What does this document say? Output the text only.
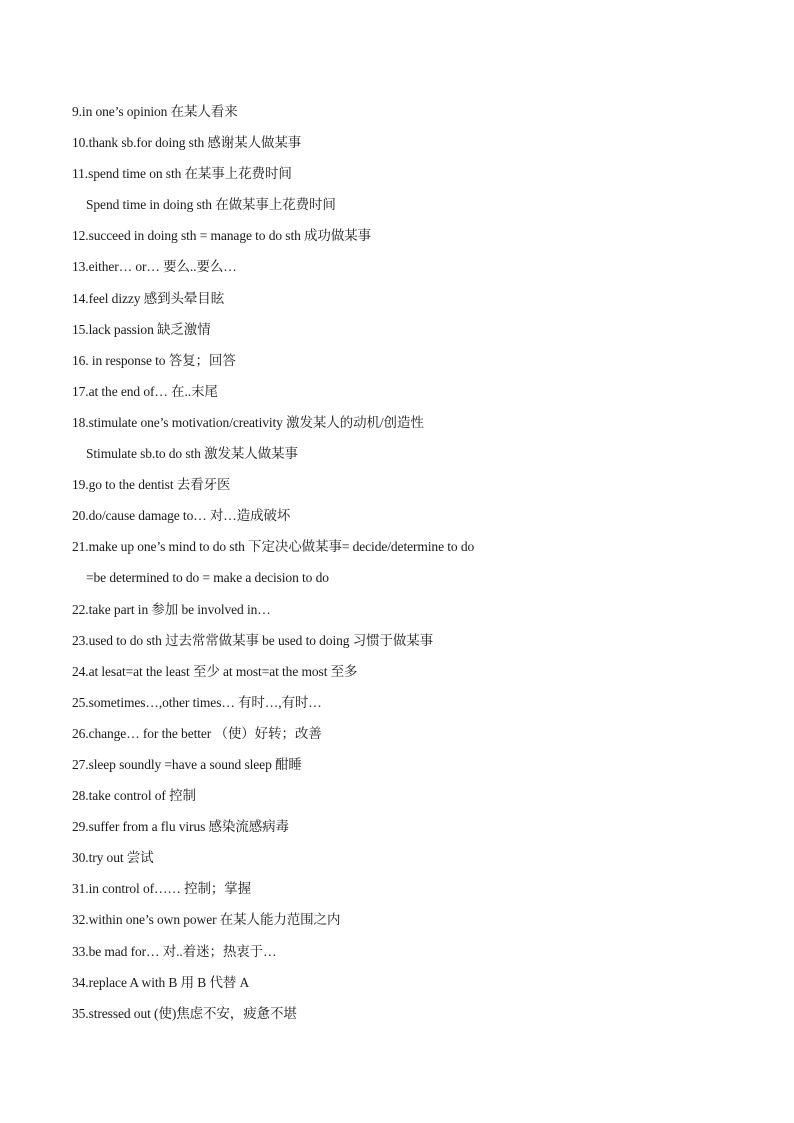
9.in one’s opinion 在某人看来
10.thank sb.for doing sth 感谢某人做某事
11.spend time on sth 在某事上花费时间
Spend time in doing sth 在做某事上花费时间
12.succeed in doing sth = manage to do sth 成功做某事
13.either… or… 要么..要么…
14.feel dizzy 感到头晕目眩
15.lack passion 缺乏激情
16. in response to 答复；回答
17.at the end of… 在..末尾
18.stimulate one’s motivation/creativity 激发某人的动机/创造性
Stimulate sb.to do sth 激发某人做某事
19.go to the dentist 去看牙医
20.do/cause damage to… 对…造成破坏
21.make up one’s mind to do sth 下定决心做某事= decide/determine to do
=be determined to do = make a decision to do
22.take part in 参加 be involved in…
23.used to do sth 过去常常做某事 be used to doing 习惯于做某事
24.at lesat=at the least 至少 at most=at the most 至多
25.sometimes…,other times… 有时…,有时…
26.change… for the better （使）好转；改善
27.sleep soundly =have a sound sleep 酣睡
28.take control of 控制
29.suffer from a flu virus 感染流感病毒
30.try out 尝试
31.in control of…… 控制；掌握
32.within one’s own power 在某人能力范围之内
33.be mad for… 对..着迷；热衷于…
34.replace A with B 用 B 代替 A
35.stressed out (使)焦虑不安，疲惫不堪
